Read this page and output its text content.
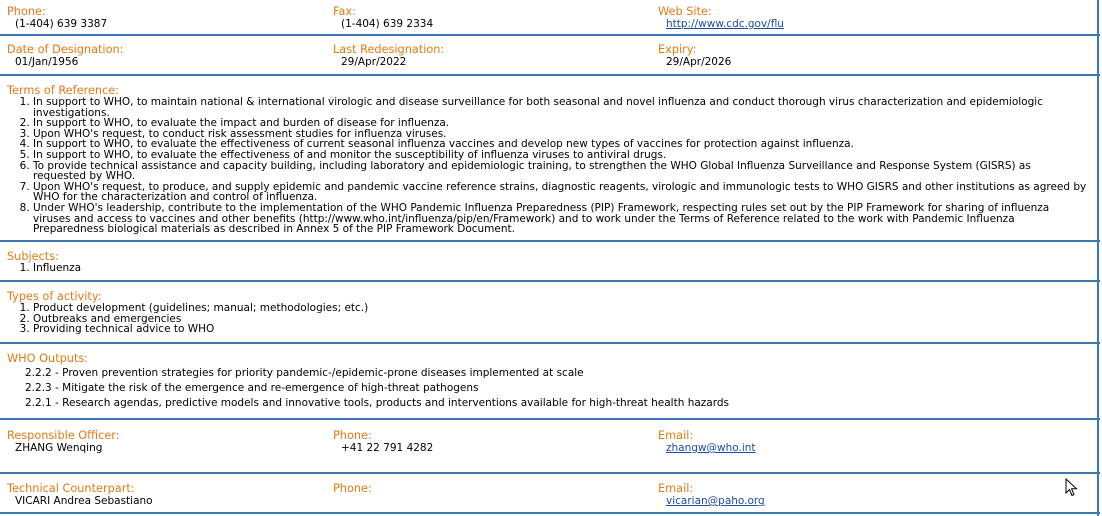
Phone:
(1-404) 639 3387
Fax:
(1-404) 639 2334
Web Site:
http://www.cdc.gov/flu
Date of Designation:
01/Jan/1956
Last Redesignation:
29/Apr/2022
Expiry:
29/Apr/2026
Terms of Reference:
1. In support to WHO, to maintain national & international virologic and disease surveillance for both seasonal and novel influenza and conduct thorough virus characterization and epidemiologic investigations.
2. In support to WHO, to evaluate the impact and burden of disease for influenza.
3. Upon WHO's request, to conduct risk assessment studies for influenza viruses.
4. In support to WHO, to evaluate the effectiveness of current seasonal influenza vaccines and develop new types of vaccines for protection against influenza.
5. In support to WHO, to evaluate the effectiveness of and monitor the susceptibility of influenza viruses to antiviral drugs.
6. To provide technical assistance and capacity building, including laboratory and epidemiologic training, to strengthen the WHO Global Influenza Surveillance and Response System (GISRS) as requested by WHO.
7. Upon WHO's request, to produce, and supply epidemic and pandemic vaccine reference strains, diagnostic reagents, virologic and immunologic tests to WHO GISRS and other institutions as agreed by WHO for the characterization and control of influenza.
8. Under WHO's leadership, contribute to the implementation of the WHO Pandemic Influenza Preparedness (PIP) Framework, respecting rules set out by the PIP Framework for sharing of influenza viruses and access to vaccines and other benefits (http://www.who.int/influenza/pip/en/Framework) and to work under the Terms of Reference related to the work with Pandemic Influenza Preparedness biological materials as described in Annex 5 of the PIP Framework Document.
Subjects:
1. Influenza
Types of activity:
1. Product development (guidelines; manual; methodologies; etc.)
2. Outbreaks and emergencies
3. Providing technical advice to WHO
WHO Outputs:
2.2.2 - Proven prevention strategies for priority pandemic-/epidemic-prone diseases implemented at scale
2.2.3 - Mitigate the risk of the emergence and re-emergence of high-threat pathogens
2.2.1 - Research agendas, predictive models and innovative tools, products and interventions available for high-threat health hazards
Responsible Officer:
ZHANG Wenqing
Phone:
+41 22 791 4282
Email:
zhangw@who.int
Technical Counterpart:
VICARI Andrea Sebastiano
Phone:	Email:
vicarian@paho.org
